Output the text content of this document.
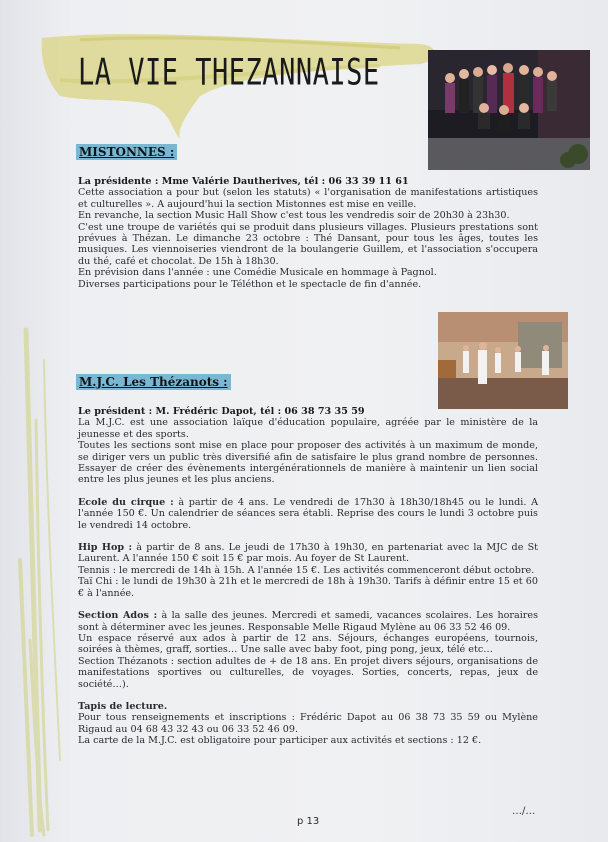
LA VIE THEZANNAISE
MISTONNES :

La présidente : Mme Valérie Dautherives, tél : 06 33 39 11 61

Cette association a pour but (selon les statuts) « l'organisation de manifestations artistiques et culturelles ». A aujourd'hui la section Mistonnes est mise en veille.

En revanche, la section Music Hall Show c'est tous les vendredis soir de 20h30 à 23h30.

C'est une troupe de variétés qui se produit dans plusieurs villages. Plusieurs prestations sont prévues à Thézan. Le dimanche 23 octobre : Thé Dansant, pour tous les âges, toutes les musiques. Les viennoiseries viendront de la boulangerie Guillem, et l'association s'occupera du thé, café et chocolat. De 15h à 18h30.

En prévision dans l'année : une Comédie Musicale en hommage à Pagnol.

Diverses participations pour le Téléthon et le spectacle de fin d'année.

M.J.C. Les Thézanots :

Le président : M. Frédéric Dapot, tél : 06 38 73 35 59

La M.J.C. est une association laïque d'éducation populaire, agréée par le ministère de la jeunesse et des sports.

Toutes les sections sont mise en place pour proposer des activités à un maximum de monde, se diriger vers un public très diversifié afin de satisfaire le plus grand nombre de personnes. Essayer de créer des évènements intergénérationnels de manière à maintenir un lien social entre les plus jeunes et les plus anciens.

Ecole du cirque : à partir de 4 ans. Le vendredi de 17h30 à 18h30/18h45 ou le lundi. A l'année 150 €. Un calendrier de séances sera établi. Reprise des cours le lundi 3 octobre puis le vendredi 14 octobre.

Hip Hop : à partir de 8 ans. Le jeudi de 17h30 à 19h30, en partenariat avec la MJC de St Laurent. A l'année 150 € soit 15 € par mois. Au foyer de St Laurent.

Tennis : le mercredi de 14h à 15h. A l'année 15 €. Les activités commenceront début octobre.

Taï Chi : le lundi de 19h30 à 21h et le mercredi de 18h à 19h30. Tarifs à définir entre 15 et 60 € à l'année.

Section Ados : à la salle des jeunes. Mercredi et samedi, vacances scolaires. Les horaires sont à déterminer avec les jeunes. Responsable Melle Rigaud Mylène au 06 33 52 46 09.

Un espace réservé aux ados à partir de 12 ans. Séjours, échanges européens, tournois, soirées à thèmes, graff, sorties… Une salle avec baby foot, ping pong, jeux, télé etc…

Section Thézanots : section adultes de + de 18 ans. En projet divers séjours, organisations de manifestations sportives ou culturelles, de voyages. Sorties, concerts, repas, jeux de société…).

Tapis de lecture.

Pour tous renseignements et inscriptions : Frédéric Dapot au 06 38 73 35 59 ou Mylène Rigaud au 04 68 43 32 43 ou 06 33 52 46 09.

La carte de la M.J.C. est obligatoire pour participer aux activités et sections : 12 €.

…/…
p 13
